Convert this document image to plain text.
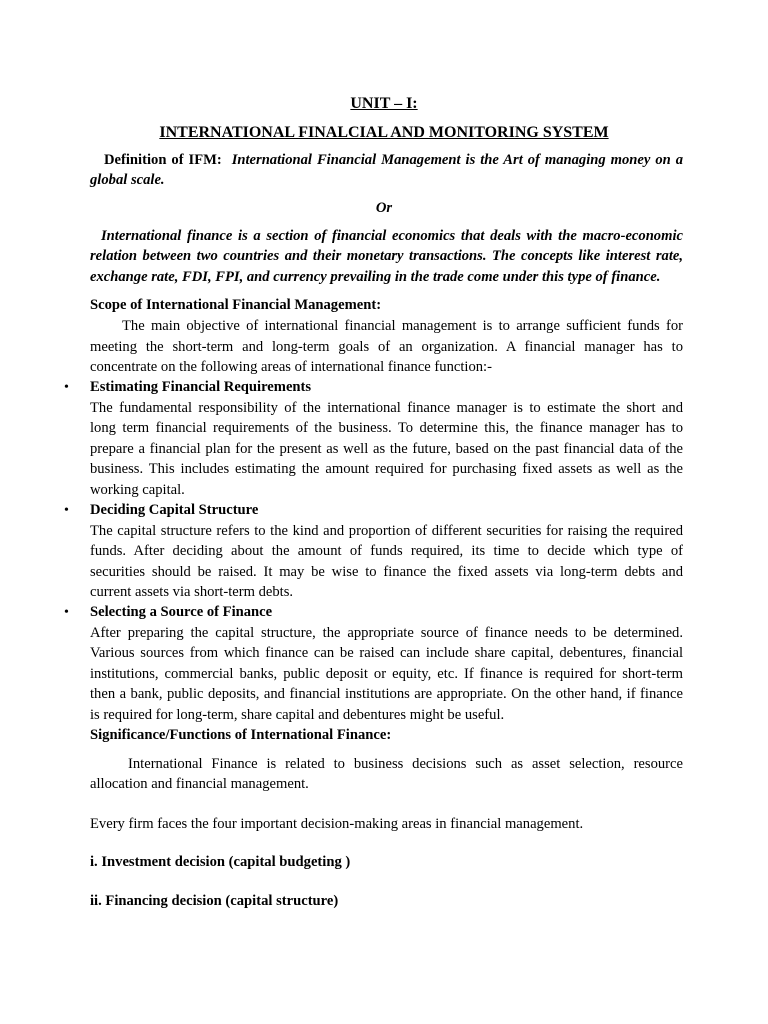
UNIT – I:
INTERNATIONAL FINALCIAL AND MONITORING SYSTEM
Definition of IFM: International Financial Management is the Art of managing money on a
global scale.
Or
International finance is a section of financial economics that deals with the macro-economic
relation between two countries and their monetary transactions. The concepts like interest rate,
exchange rate, FDI, FPI, and currency prevailing in the trade come under this type of finance.
Scope of International Financial Management:
The main objective of international financial management is to arrange sufficient funds for
meeting the short-term and long-term goals of an organization. A financial manager has to
concentrate on the following areas of international finance function:-
•
Estimating Financial Requirements
The fundamental responsibility of the international finance manager is to estimate the short and
long term financial requirements of the business. To determine this, the finance manager has to
prepare a financial plan for the present as well as the future, based on the past financial data of the
business. This includes estimating the amount required for purchasing fixed assets as well as the
working capital.
•
Deciding Capital Structure
The capital structure refers to the kind and proportion of different securities for raising the required
funds. After deciding about the amount of funds required, its time to decide which type of
securities should be raised. It may be wise to finance the fixed assets via long-term debts and
current assets via short-term debts.
•
Selecting a Source of Finance
After preparing the capital structure, the appropriate source of finance needs to be determined.
Various sources from which finance can be raised can include share capital, debentures, financial
institutions, commercial banks, public deposit or equity, etc. If finance is required for short-term
then a bank, public deposits, and financial institutions are appropriate. On the other hand, if finance
is required for long-term, share capital and debentures might be useful.
Significance/Functions of International Finance:
International Finance is related to business decisions such as asset selection, resource
allocation and financial management.
Every firm faces the four important decision-making areas in financial management.
i. Investment decision (capital budgeting )
ii. Financing decision (capital structure)
